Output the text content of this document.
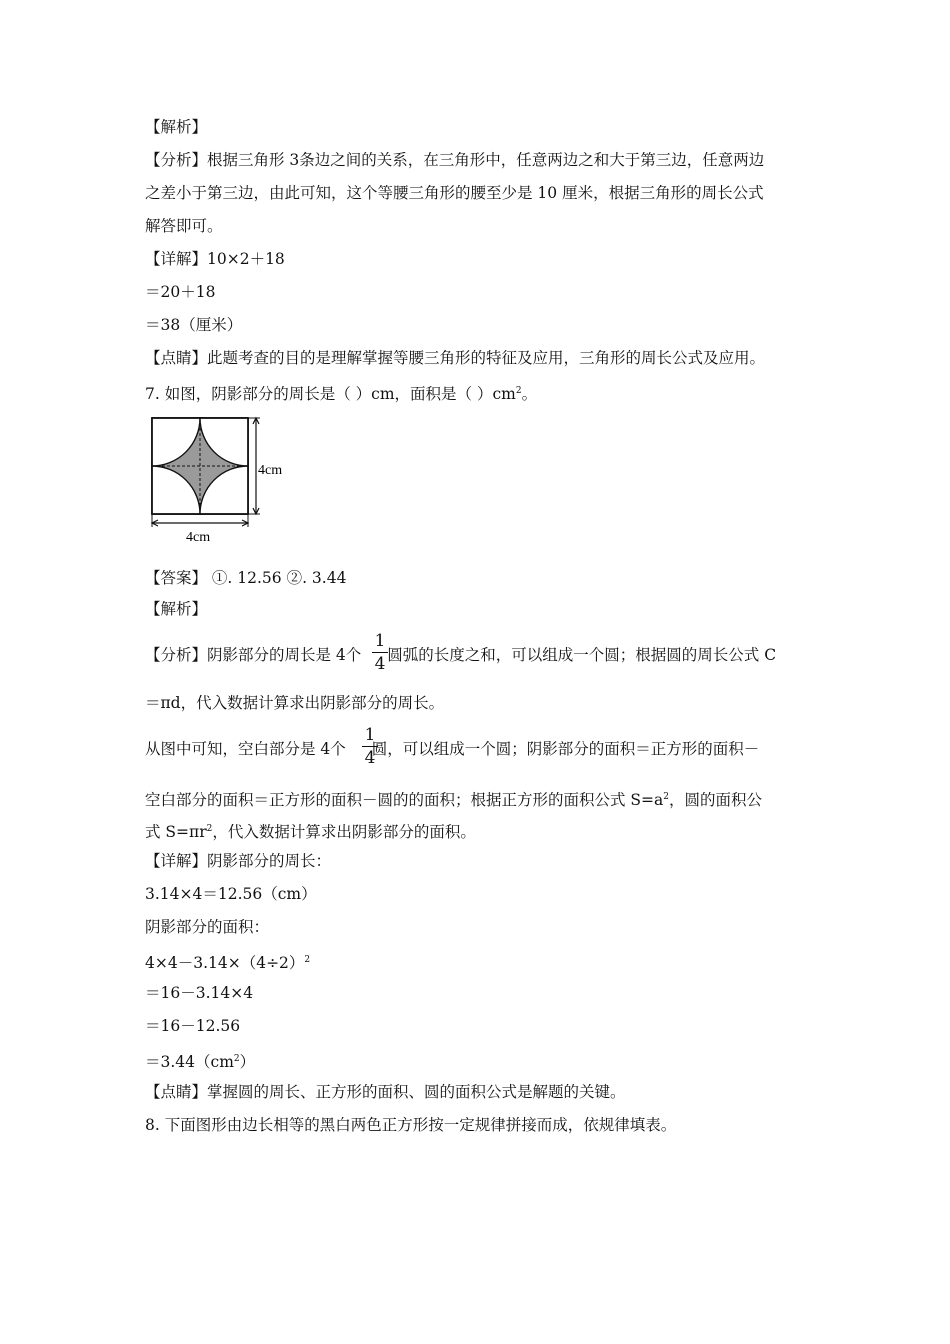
【解析】
【分析】根据三角形 3条边之间的关系，在三角形中，任意两边之和大于第三边，任意两边
之差小于第三边，由此可知，这个等腰三角形的腰至少是 10 厘米，根据三角形的周长公式
解答即可。
【详解】10×2＋18
＝20＋18
＝38（厘米）
【点睛】此题考查的目的是理解掌握等腰三角形的特征及应用，三角形的周长公式及应用。
7. 如图，阴影部分的周长是（ ）cm，面积是（ ）$cm^2$。
4cm
4cm
【答案】 ①. 12.56 ②. 3.44
【解析】
【分析】阴影部分的周长是 4个 圆弧的长度之和，可以组成一个圆；根据圆的周长公式 C
1
4
＝πd，代入数据计算求出阴影部分的周长。
从图中可知，空白部分是 4个 圆，可以组成一个圆；阴影部分的面积＝正方形的面积－
1
4
空白部分的面积＝正方形的面积－圆的的面积；根据正方形的面积公式 $S=a^2$，圆的面积公
式 $S=\pi r^2$，代入数据计算求出阴影部分的面积。
【详解】阴影部分的周长：
3.14×4＝12.56（cm）
阴影部分的面积：
$4\times 4-3.14\times(4\div 2)^2$
＝16－3.14×4
＝16－12.56
$=3.44(cm^2)$
【点睛】掌握圆的周长、正方形的面积、圆的面积公式是解题的关键。
8. 下面图形由边长相等的黑白两色正方形按一定规律拼接而成，依规律填表。
